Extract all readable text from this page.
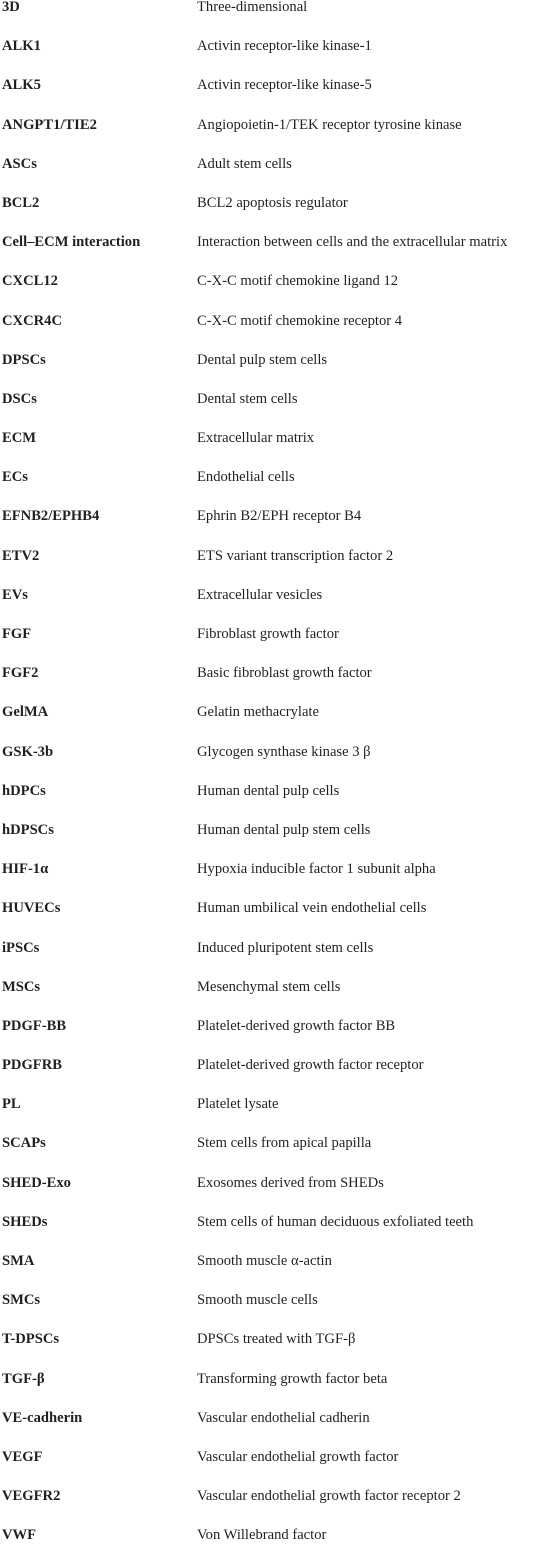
3D	Three-dimensional
ALK1	Activin receptor-like kinase-1
ALK5	Activin receptor-like kinase-5
ANGPT1/TIE2	Angiopoietin-1/TEK receptor tyrosine kinase
ASCs	Adult stem cells
BCL2	BCL2 apoptosis regulator
Cell–ECM interaction	Interaction between cells and the extracellular matrix
CXCL12	C-X-C motif chemokine ligand 12
CXCR4C	C-X-C motif chemokine receptor 4
DPSCs	Dental pulp stem cells
DSCs	Dental stem cells
ECM	Extracellular matrix
ECs	Endothelial cells
EFNB2/EPHB4	Ephrin B2/EPH receptor B4
ETV2	ETS variant transcription factor 2
EVs	Extracellular vesicles
FGF	Fibroblast growth factor
FGF2	Basic fibroblast growth factor
GelMA	Gelatin methacrylate
GSK-3b	Glycogen synthase kinase 3 β
hDPCs	Human dental pulp cells
hDPSCs	Human dental pulp stem cells
HIF-1α	Hypoxia inducible factor 1 subunit alpha
HUVECs	Human umbilical vein endothelial cells
iPSCs	Induced pluripotent stem cells
MSCs	Mesenchymal stem cells
PDGF-BB	Platelet-derived growth factor BB
PDGFRB	Platelet-derived growth factor receptor
PL	Platelet lysate
SCAPs	Stem cells from apical papilla
SHED-Exo	Exosomes derived from SHEDs
SHEDs	Stem cells of human deciduous exfoliated teeth
SMA	Smooth muscle α-actin
SMCs	Smooth muscle cells
T-DPSCs	DPSCs treated with TGF-β
TGF-β	Transforming growth factor beta
VE-cadherin	Vascular endothelial cadherin
VEGF	Vascular endothelial growth factor
VEGFR2	Vascular endothelial growth factor receptor 2
VWF	Von Willebrand factor
